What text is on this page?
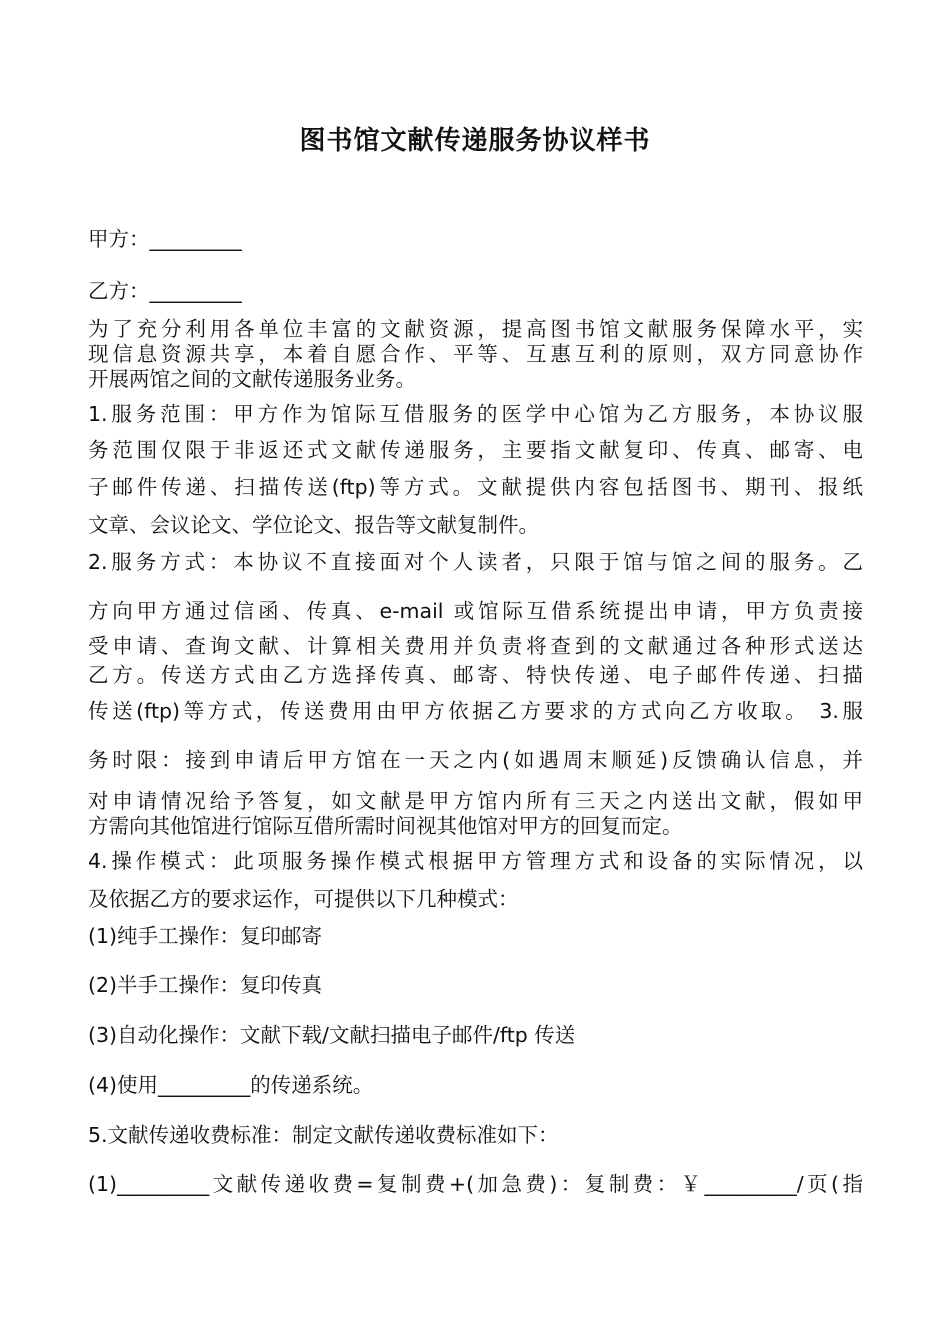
图书馆文献传递服务协议样书
甲方：_________
乙方：_________
为了充分利用各单位丰富的文献资源，提高图书馆文献服务保障水平，实
现信息资源共享，本着自愿合作、平等、互惠互利的原则，双方同意协作
开展两馆之间的文献传递服务业务。
1.服务范围：甲方作为馆际互借服务的医学中心馆为乙方服务，本协议服
务范围仅限于非返还式文献传递服务，主要指文献复印、传真、邮寄、电
子邮件传递、扫描传送(ftp)等方式。文献提供内容包括图书、期刊、报纸
文章、会议论文、学位论文、报告等文献复制件。
2.服务方式：本协议不直接面对个人读者，只限于馆与馆之间的服务。乙
方向甲方通过信函、传真、e-mail 或馆际互借系统提出申请，甲方负责接
受申请、查询文献、计算相关费用并负责将查到的文献通过各种形式送达
乙方。传送方式由乙方选择传真、邮寄、特快传递、电子邮件传递、扫描
传送(ftp)等方式，传送费用由甲方依据乙方要求的方式向乙方收取。 3.服
务时限：接到申请后甲方馆在一天之内(如遇周末顺延)反馈确认信息，并
对申请情况给予答复，如文献是甲方馆内所有三天之内送出文献，假如甲
方需向其他馆进行馆际互借所需时间视其他馆对甲方的回复而定。
4.操作模式：此项服务操作模式根据甲方管理方式和设备的实际情况，以
及依据乙方的要求运作，可提供以下几种模式：
(1)纯手工操作：复印邮寄
(2)半手工操作：复印传真
(3)自动化操作：文献下载/文献扫描电子邮件/ftp 传送
(4)使用_________的传递系统。
5.文献传递收费标准：制定文献传递收费标准如下：
(1)_________文献传递收费=复制费+(加急费)：复制费：￥_________/页(指
